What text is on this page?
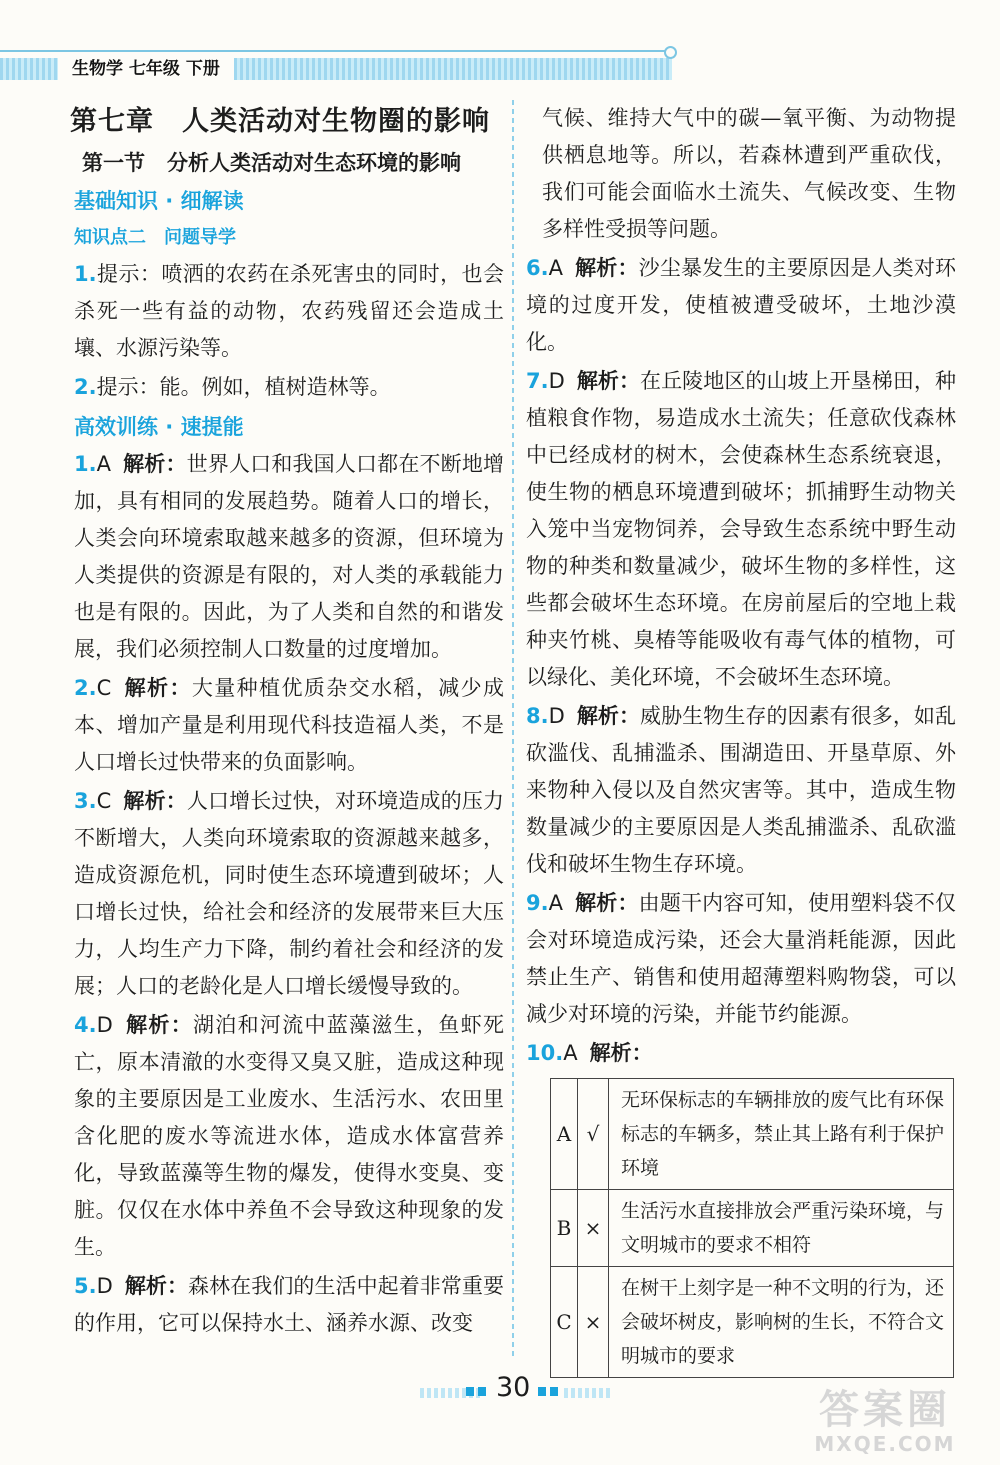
生物学 七年级 下册
第七章 人类活动对生物圈的影响
第一节 分析人类活动对生态环境的影响
基础知识 · 细解读
知识点二 问题导学
1.提示：喷洒的农药在杀死害虫的同时，也会杀死一些有益的动物，农药残留还会造成土壤、水源污染等。
2.提示：能。例如，植树造林等。
高效训练 · 速提能
1.A 解析：世界人口和我国人口都在不断地增加，具有相同的发展趋势。随着人口的增长，人类会向环境索取越来越多的资源，但环境为人类提供的资源是有限的，对人类的承载能力也是有限的。因此，为了人类和自然的和谐发展，我们必须控制人口数量的过度增加。
2.C 解析：大量种植优质杂交水稻，减少成本、增加产量是利用现代科技造福人类，不是人口增长过快带来的负面影响。
3.C 解析：人口增长过快，对环境造成的压力不断增大，人类向环境索取的资源越来越多，造成资源危机，同时使生态环境遭到破坏；人口增长过快，给社会和经济的发展带来巨大压力，人均生产力下降，制约着社会和经济的发展；人口的老龄化是人口增长缓慢导致的。
4.D 解析：湖泊和河流中蓝藻滋生，鱼虾死亡，原本清澈的水变得又臭又脏，造成这种现象的主要原因是工业废水、生活污水、农田里含化肥的废水等流进水体，造成水体富营养化，导致蓝藻等生物的爆发，使得水变臭、变脏。仅仅在水体中养鱼不会导致这种现象的发生。
5.D 解析：森林在我们的生活中起着非常重要的作用，它可以保持水土、涵养水源、改变
气候、维持大气中的碳—氧平衡、为动物提供栖息地等。所以，若森林遭到严重砍伐，我们可能会面临水土流失、气候改变、生物多样性受损等问题。
6.A 解析：沙尘暴发生的主要原因是人类对环境的过度开发，使植被遭受破坏，土地沙漠化。
7.D 解析：在丘陵地区的山坡上开垦梯田，种植粮食作物，易造成水土流失；任意砍伐森林中已经成材的树木，会使森林生态系统衰退，使生物的栖息环境遭到破坏；抓捕野生动物关入笼中当宠物饲养，会导致生态系统中野生动物的种类和数量减少，破坏生物的多样性，这些都会破坏生态环境。在房前屋后的空地上栽种夹竹桃、臭椿等能吸收有毒气体的植物，可以绿化、美化环境，不会破坏生态环境。
8.D 解析：威胁生物生存的因素有很多，如乱砍滥伐、乱捕滥杀、围湖造田、开垦草原、外来物种入侵以及自然灾害等。其中，造成生物数量减少的主要原因是人类乱捕滥杀、乱砍滥伐和破坏生物生存环境。
9.A 解析：由题干内容可知，使用塑料袋不仅会对环境造成污染，还会大量消耗能源，因此禁止生产、销售和使用超薄塑料购物袋，可以减少对环境的污染，并能节约能源。
10.A 解析：
A	√	无环保标志的车辆排放的废气比有环保标志的车辆多，禁止其上路有利于保护环境
B	×	生活污水直接排放会严重污染环境，与文明城市的要求不相符
C	×	在树干上刻字是一种不文明的行为，还会破坏树皮，影响树的生长，不符合文明城市的要求
30	答案圈
MXQE.COM
